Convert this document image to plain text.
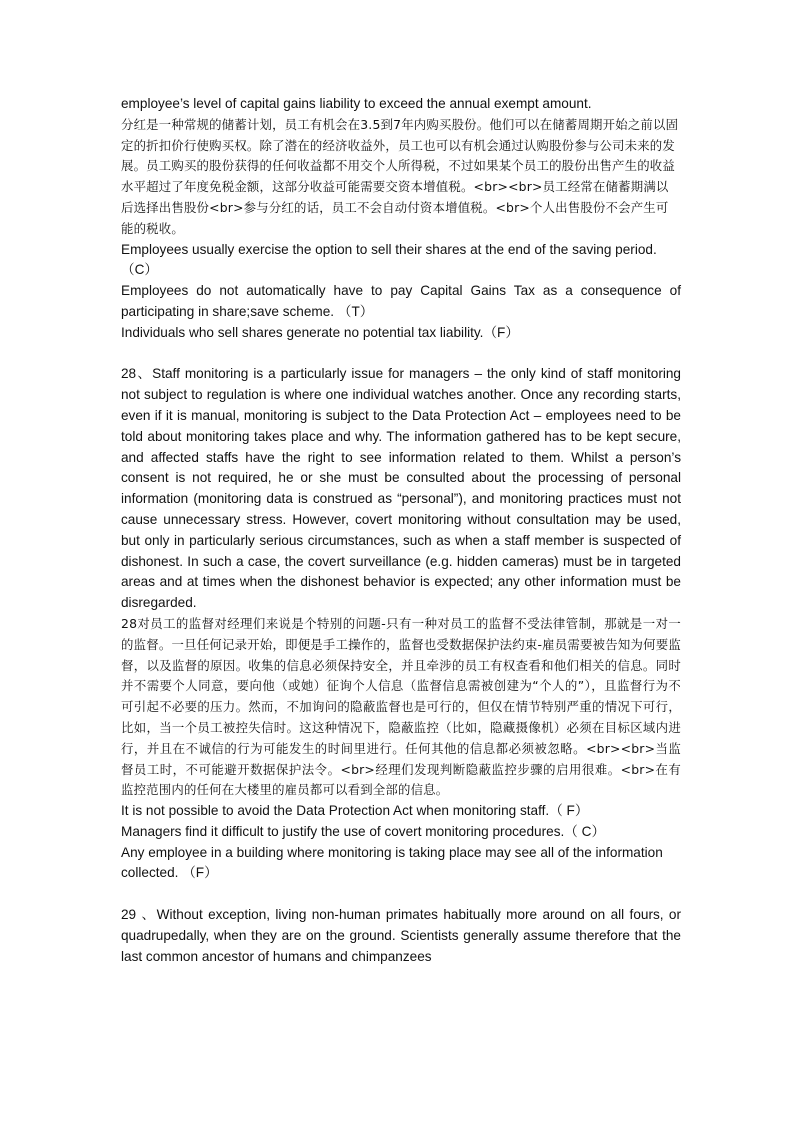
employee’s level of capital gains liability to exceed the annual exempt amount.

分红是一种常规的储蓄计划，员工有机会在3.5到7年内购买股份。他们可以在储蓄周期开始之前以固定的折扣价行使购买权。除了潜在的经济收益外，员工也可以有机会通过认购股份参与公司未来的发展。员工购买的股份获得的任何收益都不用交个人所得税，不过如果某个员工的股份出售产生的收益水平超过了年度免税金额，这部分收益可能需要交资本增值税。<br><br>员工经常在储蓄期满以后选择出售股份<br>参与分红的话，员工不会自动付资本增值税。<br>个人出售股份不会产生可能的税收。

Employees usually exercise the option to sell their shares at the end of the saving period.（C）

Employees do not automatically have to pay Capital Gains Tax as a consequence of participating in share;save scheme. （T）

Individuals who sell shares generate no potential tax liability.（F）

28、Staff monitoring is a particularly issue for managers – the only kind of staff monitoring not subject to regulation is where one individual watches another. Once any recording starts, even if it is manual, monitoring is subject to the Data Protection Act – employees need to be told about monitoring takes place and why. The information gathered has to be kept secure, and affected staffs have the right to see information related to them. Whilst a person’s consent is not required, he or she must be consulted about the processing of personal information (monitoring data is construed as “personal”), and monitoring practices must not cause unnecessary stress. However, covert monitoring without consultation may be used, but only in particularly serious circumstances, such as when a staff member is suspected of dishonest. In such a case, the covert surveillance (e.g. hidden cameras) must be in targeted areas and at times when the dishonest behavior is expected; any other information must be disregarded.

28对员工的监督对经理们来说是个特别的问题-只有一种对员工的监督不受法律管制，那就是一对一的监督。一旦任何记录开始，即便是手工操作的，监督也受数据保护法约束-雇员需要被告知为何要监督，以及监督的原因。收集的信息必须保持安全，并且牵涉的员工有权查看和他们相关的信息。同时并不需要个人同意，要向他（或她）征询个人信息（监督信息需被创建为“个人的”），且监督行为不可引起不必要的压力。然而，不加询问的隐蔽监督也是可行的，但仅在情节特别严重的情况下可行，比如，当一个员工被控失信时。这这种情况下，隐蔽监控（比如，隐藏摄像机）必须在目标区域内进行，并且在不诚信的行为可能发生的时间里进行。任何其他的信息都必须被忽略。<br><br>当监督员工时，不可能避开数据保护法令。<br>经理们发现判断隐蔽监控步骤的启用很难。<br>在有监控范围内的任何在大楼里的雇员都可以看到全部的信息。

It is not possible to avoid the Data Protection Act when monitoring staff.（ F）

Managers find it difficult to justify the use of covert monitoring procedures.（ C）

Any employee in a building where monitoring is taking place may see all of the information collected. （F）

29 、Without exception, living non-human primates habitually more around on all fours, or quadrupedally, when they are on the ground. Scientists generally assume therefore that the last common ancestor of humans and chimpanzees
